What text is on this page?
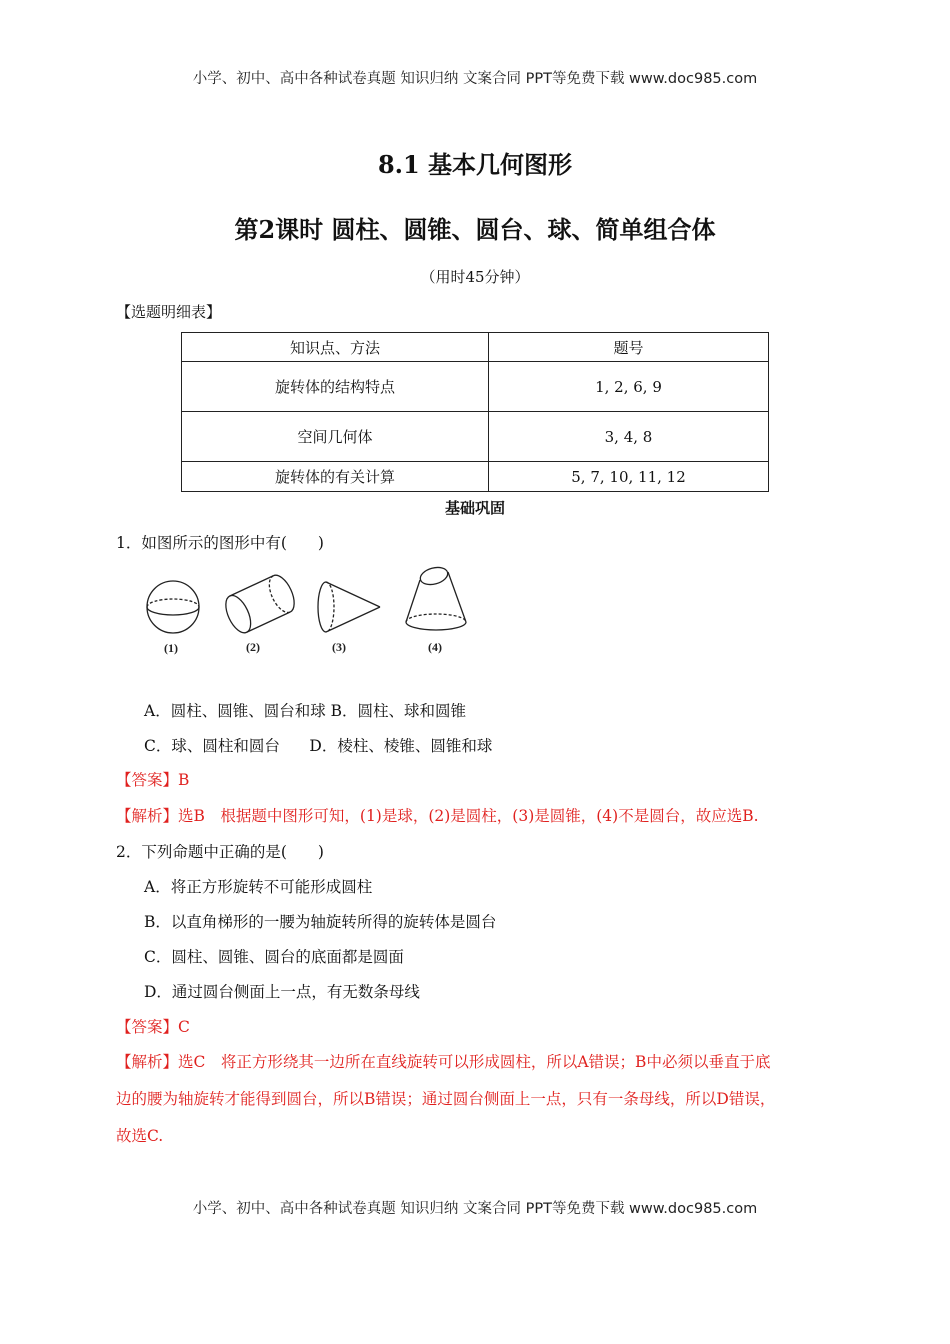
小学、初中、高中各种试卷真题 知识归纳 文案合同 PPT等免费下载 www.doc985.com
8.1 基本几何图形
第2课时 圆柱、圆锥、圆台、球、简单组合体
（用时45分钟）
【选题明细表】
知识点、方法	题号
旋转体的结构特点	1, 2, 6, 9
空间几何体	3, 4, 8
旋转体的有关计算	5, 7, 10, 11, 12
基础巩固
1．如图所示的图形中有(　　)
(1)	(2)	(3)	(4)
A．圆柱、圆锥、圆台和球 B．圆柱、球和圆锥
C．球、圆柱和圆台      D．棱柱、棱锥、圆锥和球
【答案】B
【解析】选B　根据题中图形可知，(1)是球，(2)是圆柱，(3)是圆锥，(4)不是圆台，故应选B.
2．下列命题中正确的是(　　)
A．将正方形旋转不可能形成圆柱
B．以直角梯形的一腰为轴旋转所得的旋转体是圆台
C．圆柱、圆锥、圆台的底面都是圆面
D．通过圆台侧面上一点，有无数条母线
【答案】C
【解析】选C　将正方形绕其一边所在直线旋转可以形成圆柱，所以A错误；B中必须以垂直于底
边的腰为轴旋转才能得到圆台，所以B错误；通过圆台侧面上一点，只有一条母线，所以D错误，
故选C.
小学、初中、高中各种试卷真题 知识归纳 文案合同 PPT等免费下载 www.doc985.com
